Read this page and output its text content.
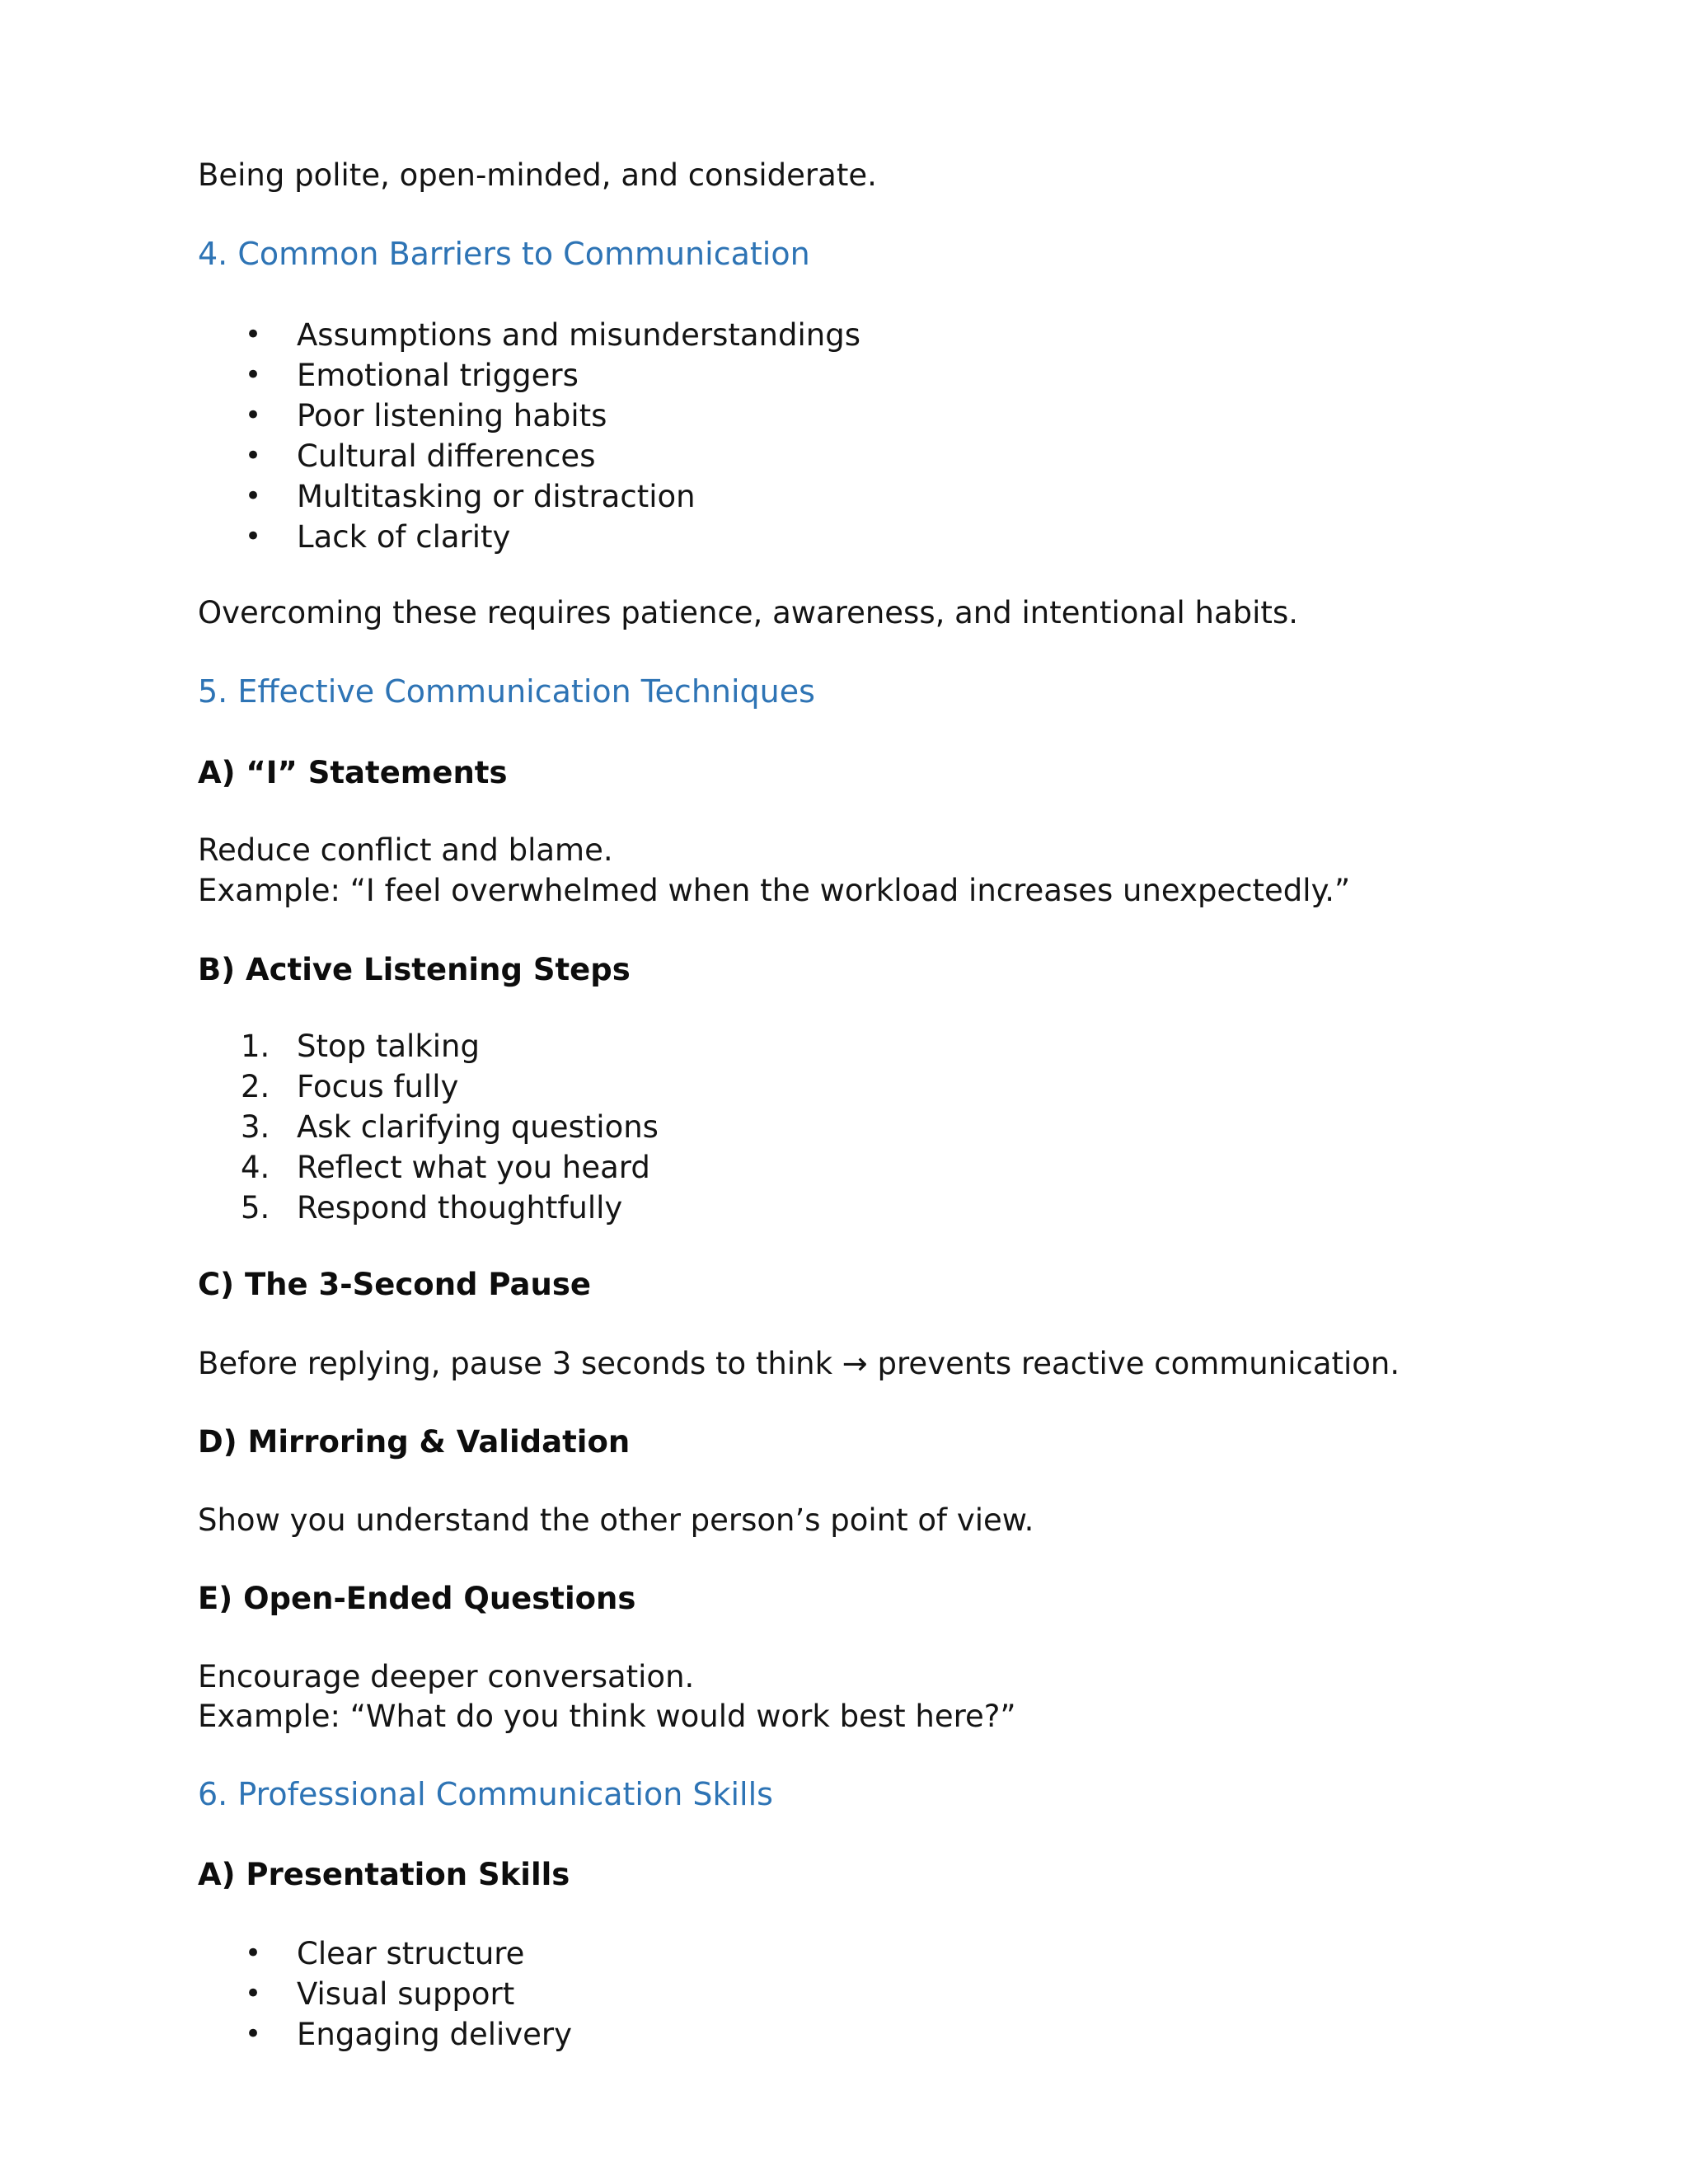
Being polite, open-minded, and considerate.

4. Common Barriers to Communication
• Assumptions and misunderstandings
• Emotional triggers
• Poor listening habits
• Cultural differences
• Multitasking or distraction
• Lack of clarity

Overcoming these requires patience, awareness, and intentional habits.

5. Effective Communication Techniques
A) “I” Statements

Reduce conflict and blame.

Example: “I feel overwhelmed when the workload increases unexpectedly.”

B) Active Listening Steps
1. Stop talking
2. Focus fully
3. Ask clarifying questions
4. Reflect what you heard
5. Respond thoughtfully
C) The 3-Second Pause

Before replying, pause 3 seconds to think → prevents reactive communication.

D) Mirroring & Validation

Show you understand the other person’s point of view.

E) Open-Ended Questions

Encourage deeper conversation.

Example: “What do you think would work best here?”

6. Professional Communication Skills
A) Presentation Skills
• Clear structure
• Visual support
• Engaging delivery
